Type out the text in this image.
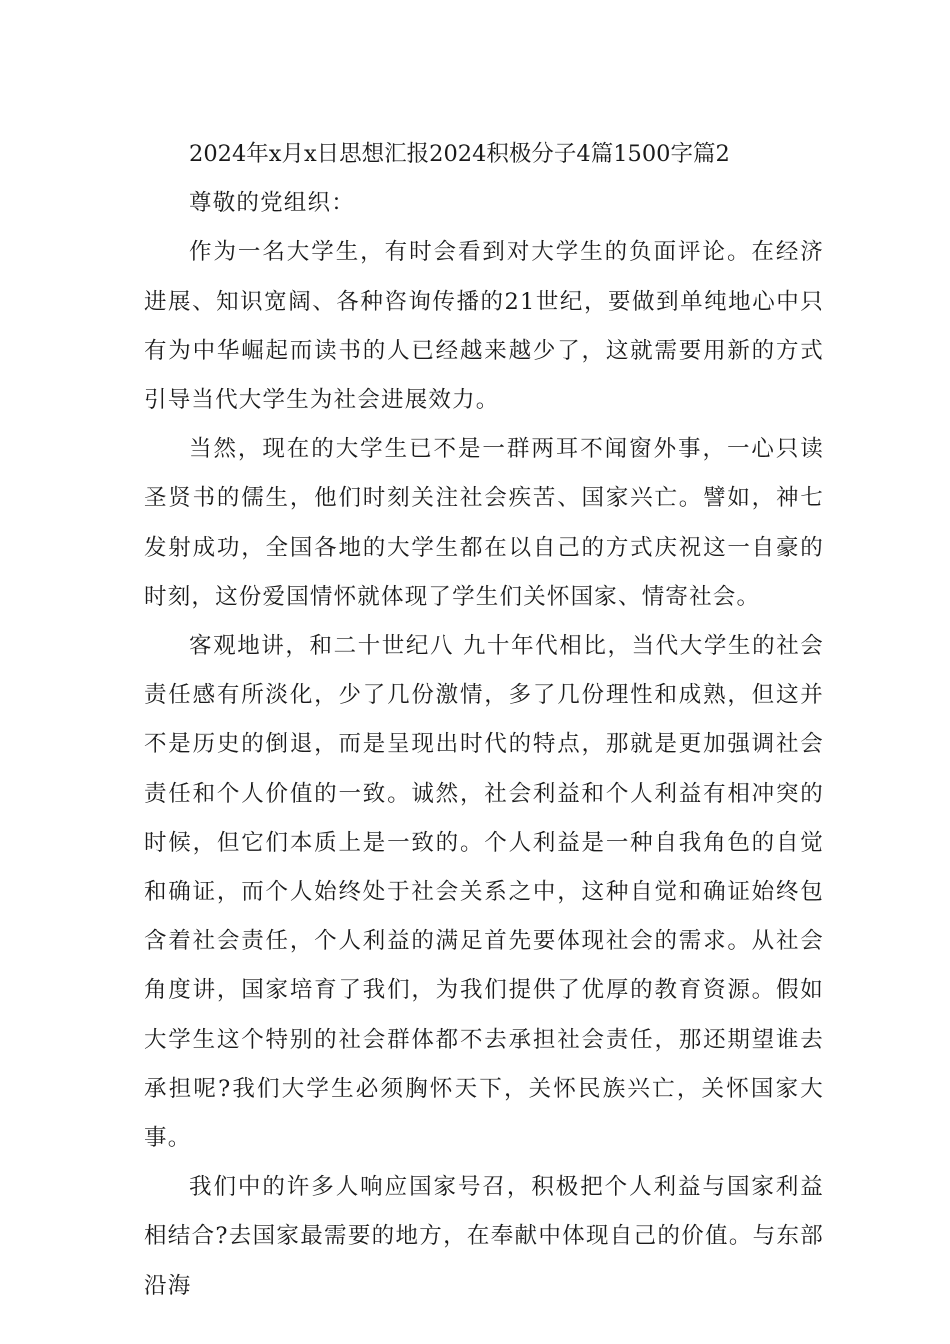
2024年x月x日思想汇报2024积极分子4篇1500字篇2

尊敬的党组织：

作为一名大学生，有时会看到对大学生的负面评论。在经济进展、知识宽阔、各种咨询传播的21世纪，要做到单纯地心中只有为中华崛起而读书的人已经越来越少了，这就需要用新的方式引导当代大学生为社会进展效力。

当然，现在的大学生已不是一群两耳不闻窗外事，一心只读圣贤书的儒生，他们时刻关注社会疾苦、国家兴亡。譬如，神七发射成功，全国各地的大学生都在以自己的方式庆祝这一自豪的时刻，这份爱国情怀就体现了学生们关怀国家、情寄社会。

客观地讲，和二十世纪八 九十年代相比，当代大学生的社会责任感有所淡化，少了几份激情，多了几份理性和成熟，但这并不是历史的倒退，而是呈现出时代的特点，那就是更加强调社会责任和个人价值的一致。诚然，社会利益和个人利益有相冲突的时候，但它们本质上是一致的。个人利益是一种自我角色的自觉和确证，而个人始终处于社会关系之中，这种自觉和确证始终包含着社会责任，个人利益的满足首先要体现社会的需求。从社会角度讲，国家培育了我们，为我们提供了优厚的教育资源。假如大学生这个特别的社会群体都不去承担社会责任，那还期望谁去承担呢?我们大学生必须胸怀天下，关怀民族兴亡，关怀国家大事。

我们中的许多人响应国家号召，积极把个人利益与国家利益相结合?去国家最需要的地方，在奉献中体现自己的价值。与东部沿海
